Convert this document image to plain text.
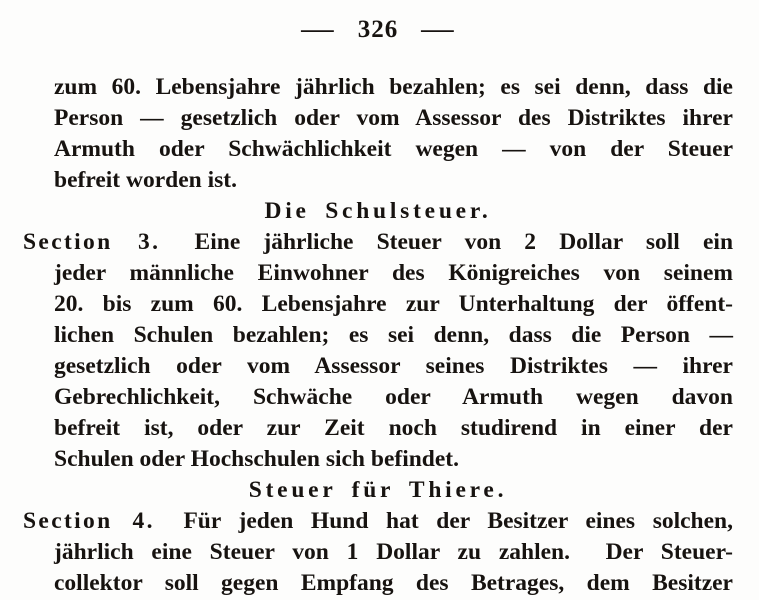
— 326 —
zum 60. Lebensjahre jährlich bezahlen; es sei denn, dass die
Person — gesetzlich oder vom Assessor des Distriktes ihrer
Armuth oder Schwächlichkeit wegen — von der Steuer
befreit worden ist.
Die Schulsteuer.
Section 3. Eine jährliche Steuer von 2 Dollar soll ein
jeder männliche Einwohner des Königreiches von seinem
20. bis zum 60. Lebensjahre zur Unterhaltung der öffent-
lichen Schulen bezahlen; es sei denn, dass die Person —
gesetzlich oder vom Assessor seines Distriktes — ihrer
Gebrechlichkeit, Schwäche oder Armuth wegen davon
befreit ist, oder zur Zeit noch studirend in einer der
Schulen oder Hochschulen sich befindet.
Steuer für Thiere.
Section 4. Für jeden Hund hat der Besitzer eines solchen,
jährlich eine Steuer von 1 Dollar zu zahlen.  Der Steuer-
collektor soll gegen Empfang des Betrages, dem Besitzer
